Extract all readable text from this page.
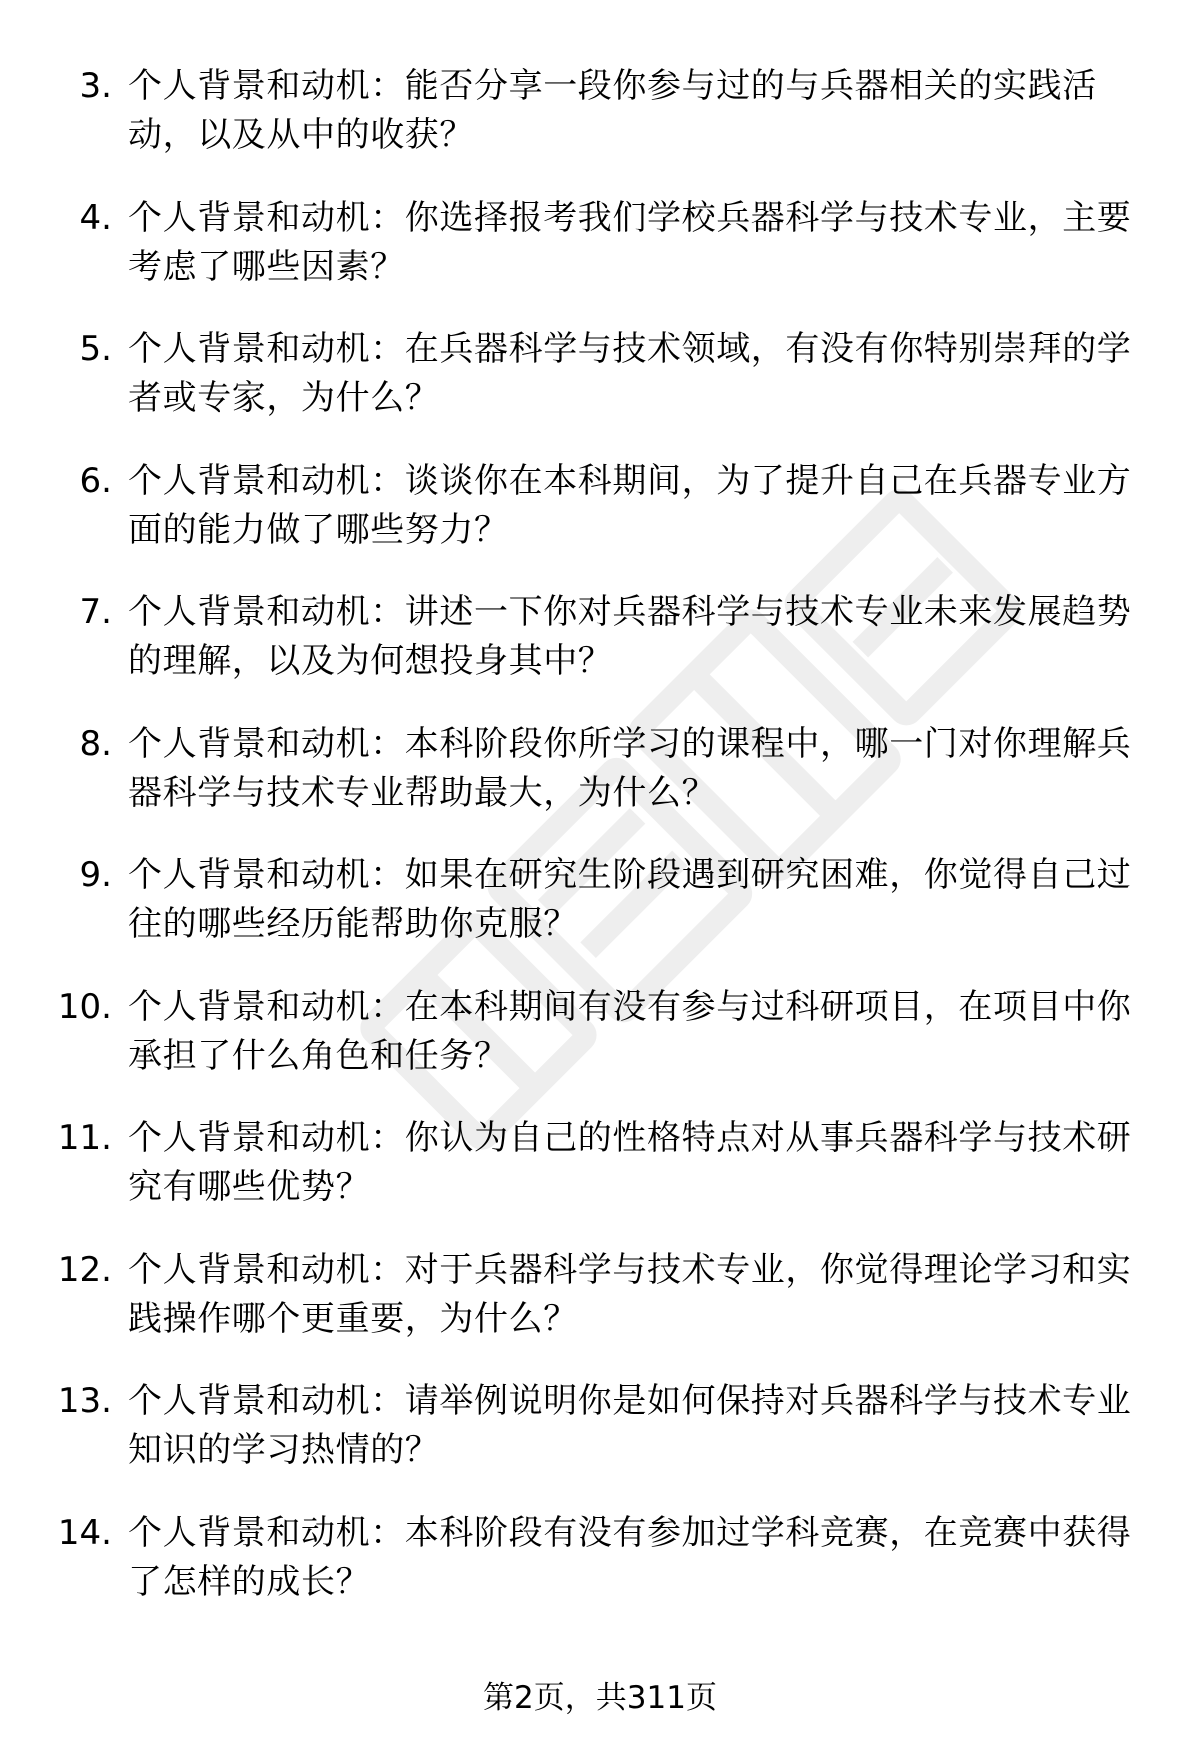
3. 个人背景和动机：能否分享一段你参与过的与兵器相关的实践活动，以及从中的收获？
4. 个人背景和动机：你选择报考我们学校兵器科学与技术专业，主要考虑了哪些因素？
5. 个人背景和动机：在兵器科学与技术领域，有没有你特别崇拜的学者或专家，为什么？
6. 个人背景和动机：谈谈你在本科期间，为了提升自己在兵器专业方面的能力做了哪些努力？
7. 个人背景和动机：讲述一下你对兵器科学与技术专业未来发展趋势的理解，以及为何想投身其中？
8. 个人背景和动机：本科阶段你所学习的课程中，哪一门对你理解兵器科学与技术专业帮助最大，为什么？
9. 个人背景和动机：如果在研究生阶段遇到研究困难，你觉得自己过往的哪些经历能帮助你克服？
10. 个人背景和动机：在本科期间有没有参与过科研项目，在项目中你承担了什么角色和任务？
11. 个人背景和动机：你认为自己的性格特点对从事兵器科学与技术研究有哪些优势？
12. 个人背景和动机：对于兵器科学与技术专业，你觉得理论学习和实践操作哪个更重要，为什么？
13. 个人背景和动机：请举例说明你是如何保持对兵器科学与技术专业知识的学习热情的？
14. 个人背景和动机：本科阶段有没有参加过学科竞赛，在竞赛中获得了怎样的成长？
第2页，共311页
